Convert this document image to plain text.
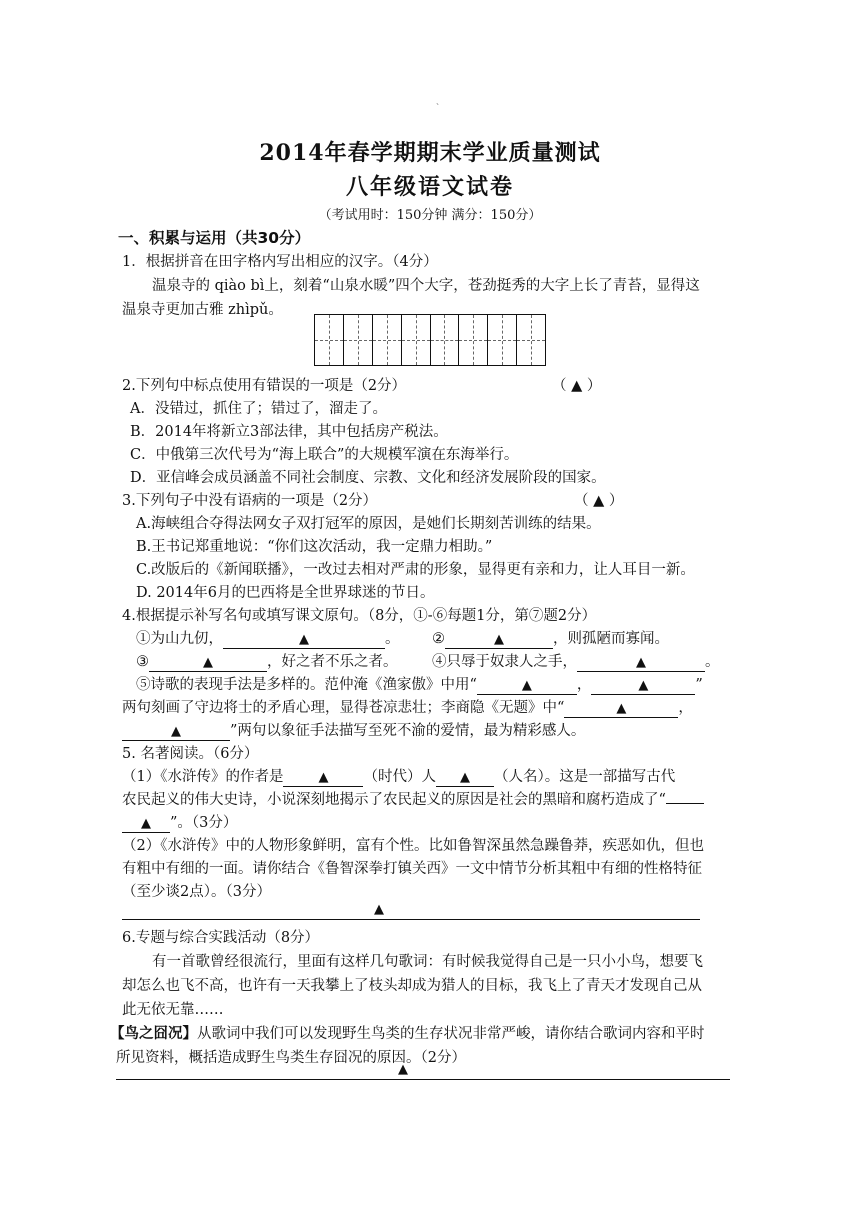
、
2014年春学期期末学业质量测试
八年级语文试卷
（考试用时：150分钟 满分：150分）
一、积累与运用（共30分）
1．根据拼音在田字格内写出相应的汉字。（4分）
温泉寺的 qiào bì上，刻着“山泉水暖”四个大字，苍劲挺秀的大字上长了青苔，显得这
温泉寺更加古雅 zhìpǔ。
2.下列句中标点使用有错误的一项是（2分）	（ ▲ ）
A．没错过，抓住了；错过了，溜走了。
B．2014年将新立3部法律，其中包括房产税法。
C．中俄第三次代号为“海上联合”的大规模军演在东海举行。
D．亚信峰会成员涵盖不同社会制度、宗教、文化和经济发展阶段的国家。
3.下列句子中没有语病的一项是（2分）	（ ▲ ）
A.海峡组合夺得法网女子双打冠军的原因，是她们长期刻苦训练的结果。
B.王书记郑重地说：“你们这次活动，我一定鼎力相助。”
C.改版后的《新闻联播》，一改过去相对严肃的形象，显得更有亲和力，让人耳目一新。
D. 2014年6月的巴西将是全世界球迷的节日。
4.根据提示补写名句或填写课文原句。（8分，①-⑥每题1分，第⑦题2分）
①为山九仞，	▲	。 ②	▲	，则孤陋而寡闻。
③	▲	，好之者不乐之者。 ④只辱于奴隶人之手，	▲	。
⑤诗歌的表现手法是多样的。范仲淹《渔家傲》中用“	▲	，	▲	”
两句刻画了守边将士的矛盾心理，显得苍凉悲壮；李商隐《无题》中“	▲	，
▲	”两句以象征手法描写至死不渝的爱情，最为精彩感人。
5. 名著阅读。（6分）
（1）《水浒传》的作者是	▲ （时代）人 ▲ （人名）。这是一部描写古代
农民起义的伟大史诗，小说深刻地揭示了农民起义的原因是社会的黑暗和腐朽造成了“
▲ ”。（3分）
（2）《水浒传》中的人物形象鲜明，富有个性。比如鲁智深虽然急躁鲁莽，疾恶如仇，但也
有粗中有细的一面。请你结合《鲁智深拳打镇关西》一文中情节分析其粗中有细的性格特征
（至少谈2点）。（3分）
▲
6.专题与综合实践活动（8分）
有一首歌曾经很流行，里面有这样几句歌词：有时候我觉得自己是一只小小鸟，想要飞
却怎么也飞不高，也许有一天我攀上了枝头却成为猎人的目标，我飞上了青天才发现自己从
此无依无靠……
【鸟之囧况】从歌词中我们可以发现野生鸟类的生存状况非常严峻，请你结合歌词内容和平时
所见资料，概括造成野生鸟类生存囧况的原因。（2分）
▲
